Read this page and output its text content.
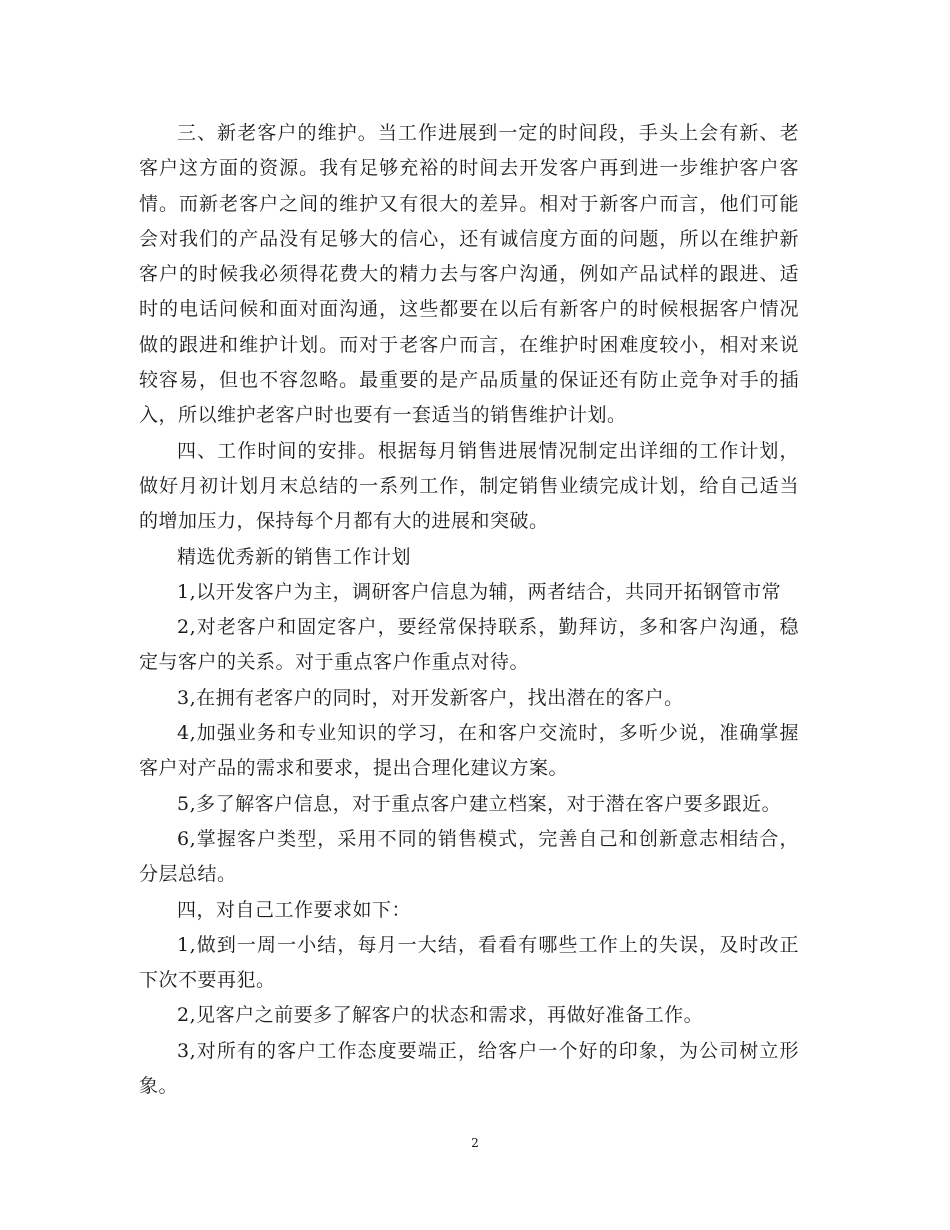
三、新老客户的维护。当工作进展到一定的时间段，手头上会有新、老客户这方面的资源。我有足够充裕的时间去开发客户再到进一步维护客户客情。而新老客户之间的维护又有很大的差异。相对于新客户而言，他们可能会对我们的产品没有足够大的信心，还有诚信度方面的问题，所以在维护新客户的时候我必须得花费大的精力去与客户沟通，例如产品试样的跟进、适时的电话问候和面对面沟通，这些都要在以后有新客户的时候根据客户情况做的跟进和维护计划。而对于老客户而言，在维护时困难度较小，相对来说较容易，但也不容忽略。最重要的是产品质量的保证还有防止竞争对手的插入，所以维护老客户时也要有一套适当的销售维护计划。

四、工作时间的安排。根据每月销售进展情况制定出详细的工作计划，做好月初计划月末总结的一系列工作，制定销售业绩完成计划，给自己适当的增加压力，保持每个月都有大的进展和突破。

精选优秀新的销售工作计划

1,以开发客户为主，调研客户信息为辅，两者结合，共同开拓钢管市常

2,对老客户和固定客户，要经常保持联系，勤拜访，多和客户沟通，稳定与客户的关系。对于重点客户作重点对待。

3,在拥有老客户的同时，对开发新客户，找出潜在的客户。

4,加强业务和专业知识的学习，在和客户交流时，多听少说，准确掌握客户对产品的需求和要求，提出合理化建议方案。

5,多了解客户信息，对于重点客户建立档案，对于潜在客户要多跟近。

6,掌握客户类型，采用不同的销售模式，完善自己和创新意志相结合，分层总结。

四，对自己工作要求如下：

1,做到一周一小结，每月一大结，看看有哪些工作上的失误，及时改正下次不要再犯。

2,见客户之前要多了解客户的状态和需求，再做好准备工作。

3,对所有的客户工作态度要端正，给客户一个好的印象，为公司树立形象。

2
